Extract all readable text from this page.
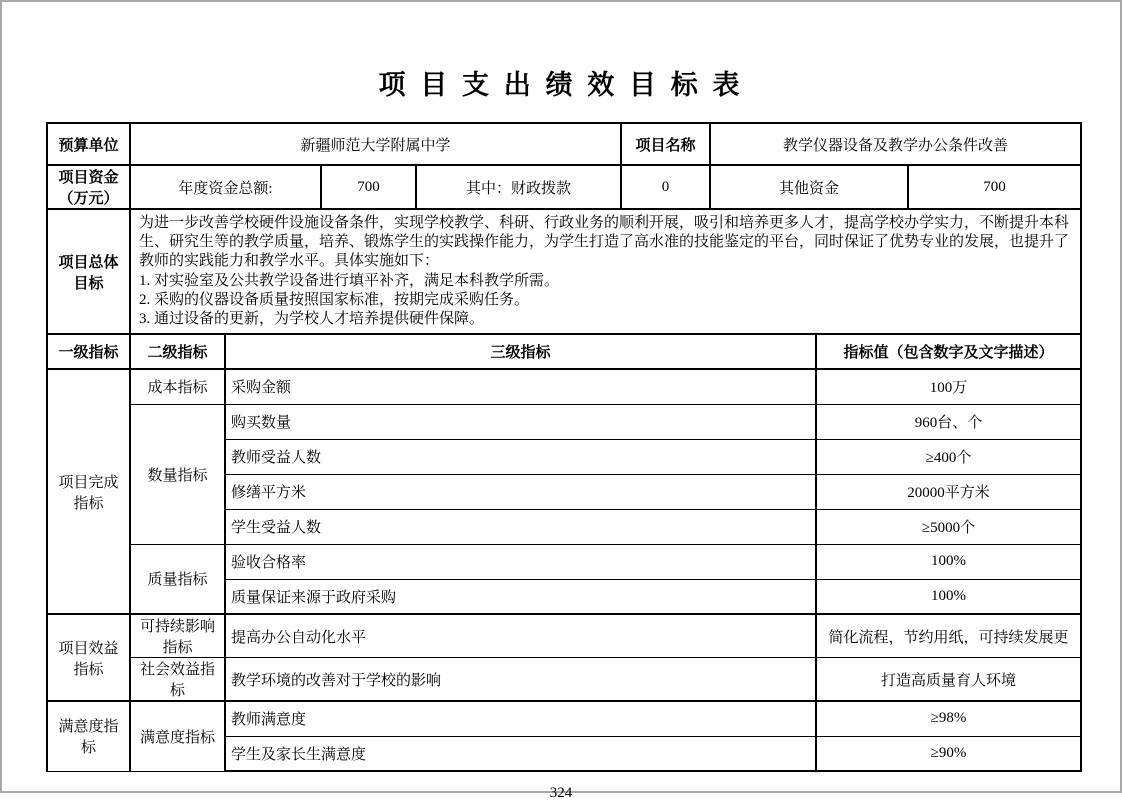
项 目 支 出 绩 效 目 标 表
预算单位	新疆师范大学附属中学			项目名称	教学仪器设备及教学办公条件改善	
项目资金（万元）	年度资金总额:	700	其中：财政拨款	0	其他资金	700
项目总体目标	为进一步改善学校硬件设施设备条件，实现学校教学、科研、行政业务的顺利开展，吸引和培养更多人才，提高学校办学实力，不断提升本科生、研究生等的教学质量，培养、锻炼学生的实践操作能力，为学生打造了高水准的技能鉴定的平台，同时保证了优势专业的发展，也提升了教师的实践能力和教学水平。具体实施如下：
1. 对实验室及公共教学设备进行填平补齐，满足本科教学所需。
2. 采购的仪器设备质量按照国家标准，按期完成采购任务。
3. 通过设备的更新，为学校人才培养提供硬件保障。					
一级指标	二级指标	三级指标	指标值（包含数字及文字描述）
项目完成指标	成本指标	采购金额	100万
	数量指标	购买数量	960台、个
		教师受益人数	≥400个
		修缮平方米	20000平方米
		学生受益人数	≥5000个
	质量指标	验收合格率	100%
		质量保证来源于政府采购	100%
项目效益指标	可持续影响指标	提高办公自动化水平	简化流程，节约用纸，可持续发展更
	社会效益指标	教学环境的改善对于学校的影响	打造高质量育人环境
满意度指标	满意度指标	教师满意度	≥98%
		学生及家长生满意度	≥90%
324
